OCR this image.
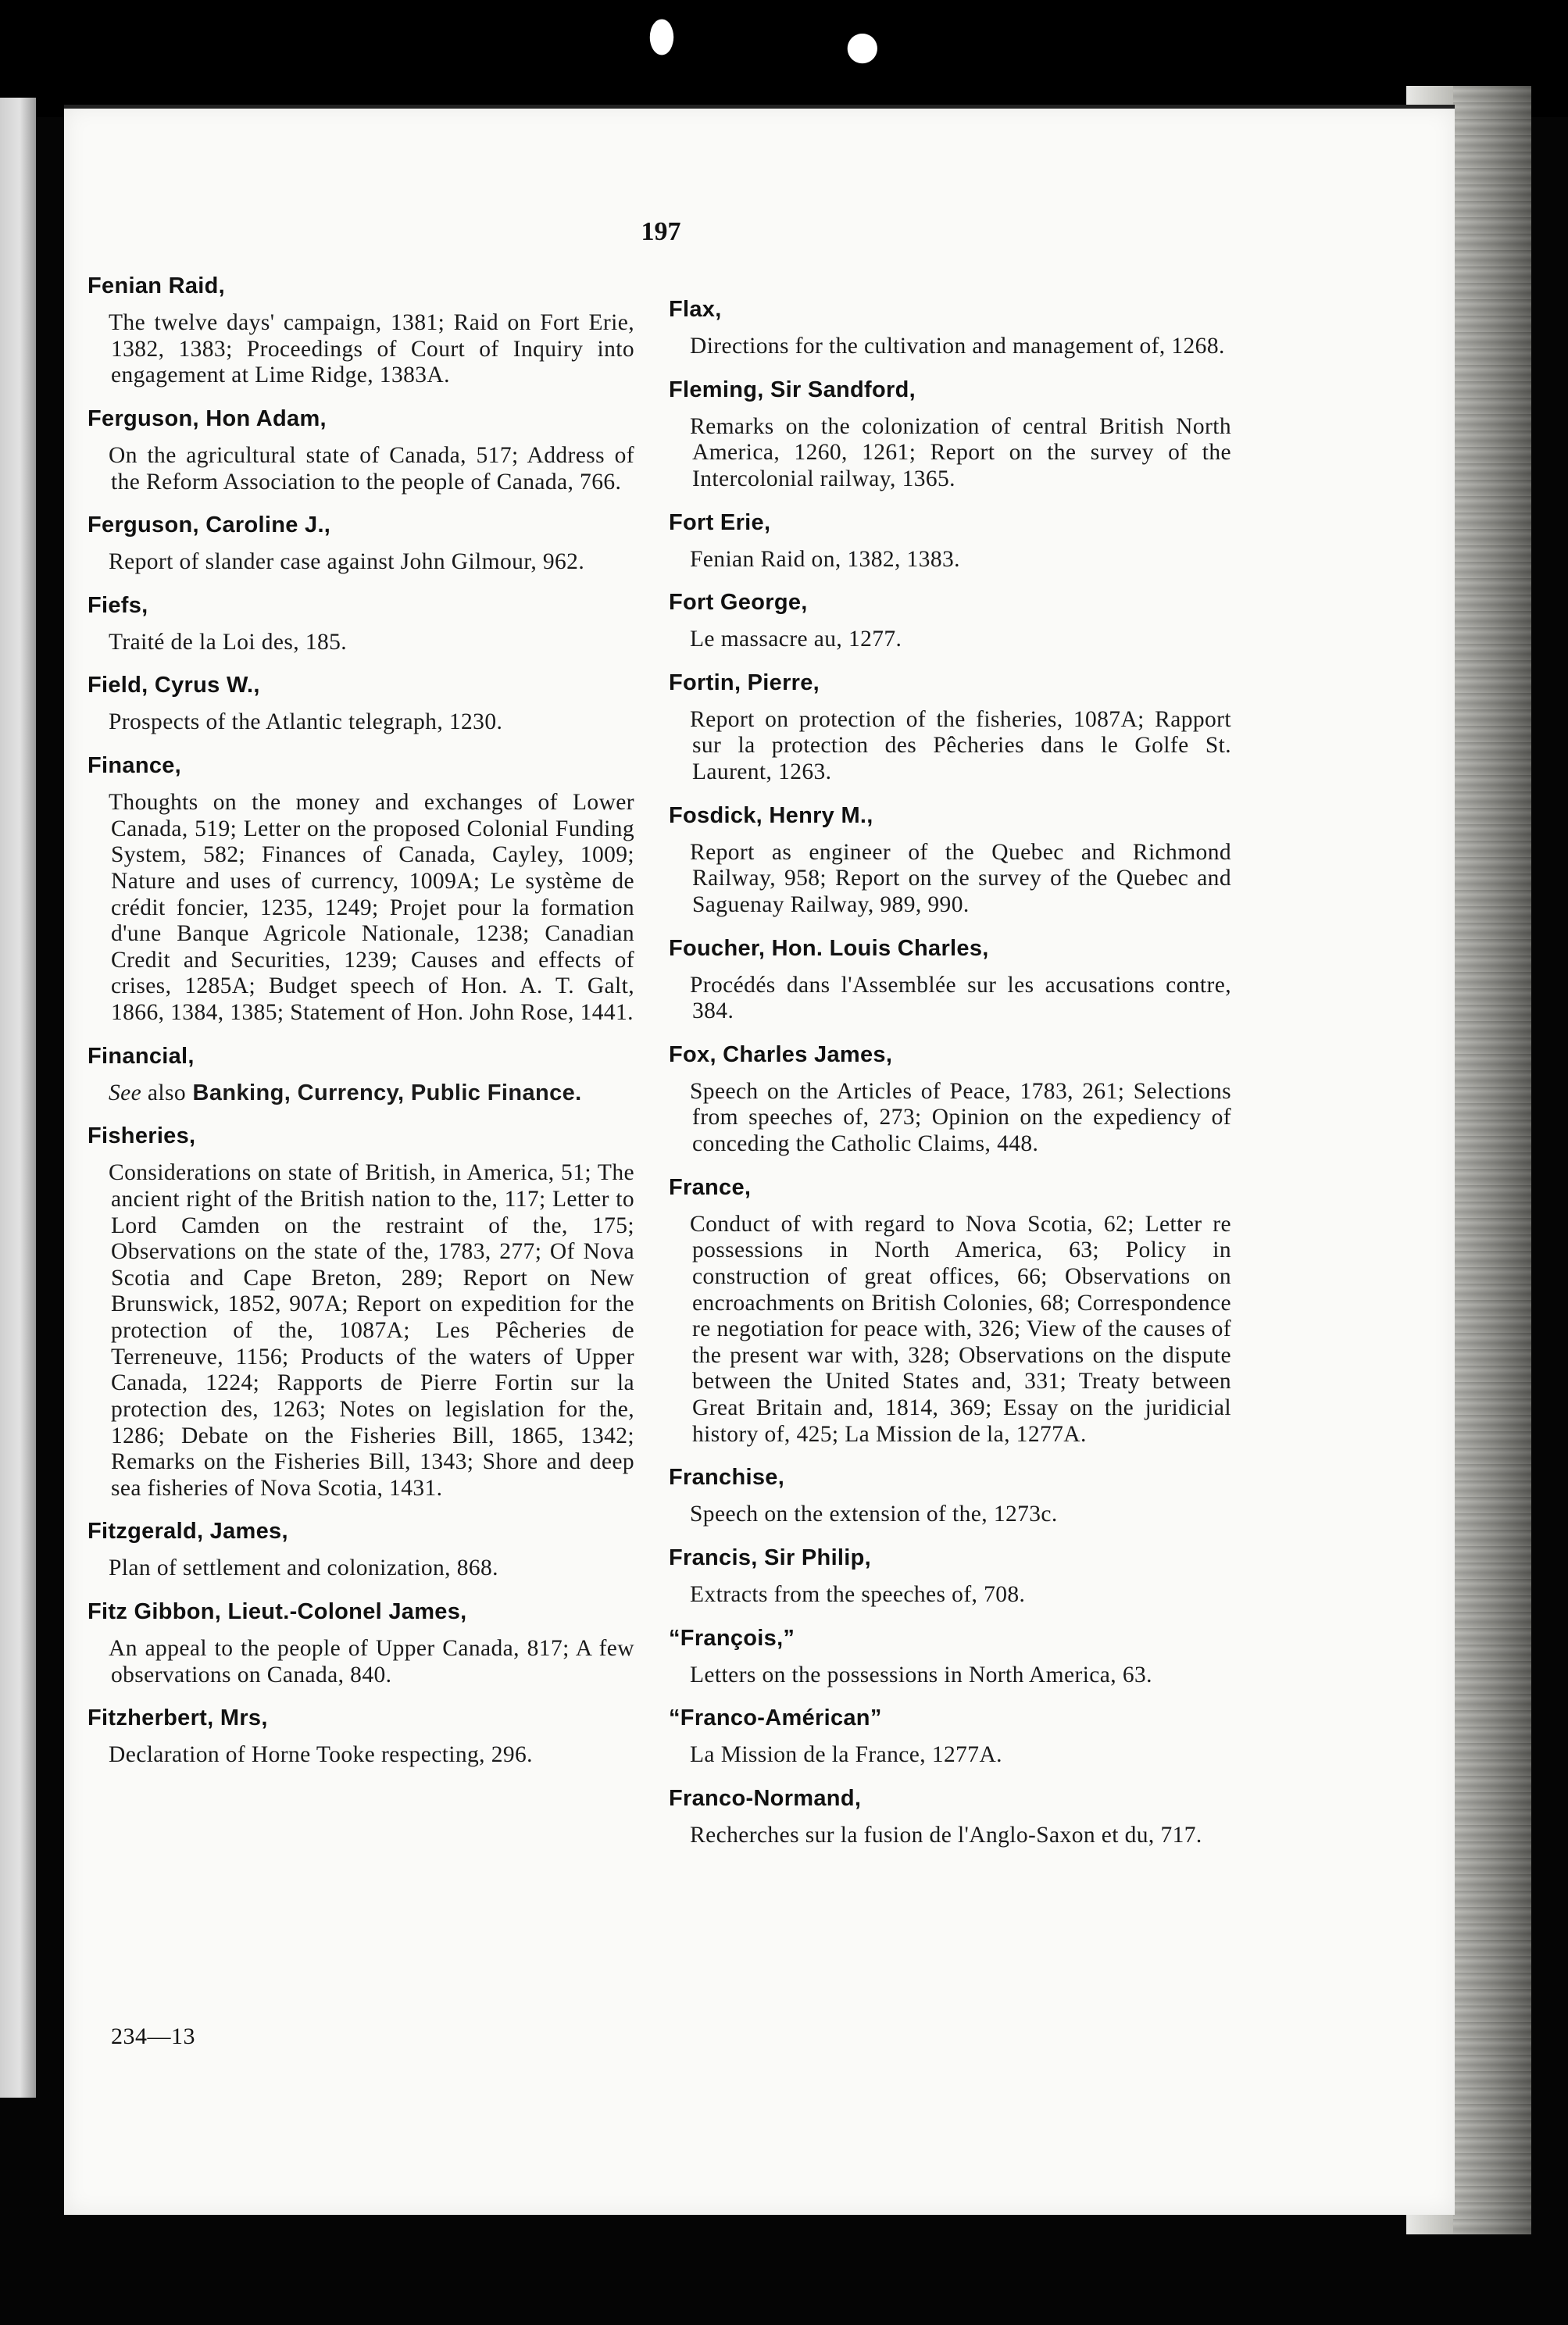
⬮	●
197
Fenian Raid,

The twelve days' campaign, 1381; Raid on Fort Erie, 1382, 1383; Proceedings of Court of Inquiry into engagement at Lime Ridge, 1383A.

Ferguson, Hon Adam,

On the agricultural state of Canada, 517; Address of the Reform Association to the people of Canada, 766.

Ferguson, Caroline J.,

Report of slander case against John Gilmour, 962.

Fiefs,

Traité de la Loi des, 185.

Field, Cyrus W.,

Prospects of the Atlantic telegraph, 1230.

Finance,

Thoughts on the money and exchanges of Lower Canada, 519; Letter on the proposed Colonial Funding System, 582; Finances of Canada, Cayley, 1009; Nature and uses of currency, 1009A; Le système de crédit foncier, 1235, 1249; Projet pour la formation d'une Banque Agricole Nationale, 1238; Canadian Credit and Securities, 1239; Causes and effects of crises, 1285A; Budget speech of Hon. A. T. Galt, 1866, 1384, 1385; Statement of Hon. John Rose, 1441.

Financial,

See also Banking, Currency, Public Finance.

Fisheries,

Considerations on state of British, in America, 51; The ancient right of the British nation to the, 117; Letter to Lord Camden on the restraint of the, 175; Observations on the state of the, 1783, 277; Of Nova Scotia and Cape Breton, 289; Report on New Brunswick, 1852, 907A; Report on expedition for the protection of the, 1087A; Les Pêcheries de Terreneuve, 1156; Products of the waters of Upper Canada, 1224; Rapports de Pierre Fortin sur la protection des, 1263; Notes on legislation for the, 1286; Debate on the Fisheries Bill, 1865, 1342; Remarks on the Fisheries Bill, 1343; Shore and deep sea fisheries of Nova Scotia, 1431.

Fitzgerald, James,

Plan of settlement and colonization, 868.

Fitz Gibbon, Lieut.-Colonel James,

An appeal to the people of Upper Canada, 817; A few observations on Canada, 840.

Fitzherbert, Mrs,

Declaration of Horne Tooke respecting, 296.

Flax,

Directions for the cultivation and management of, 1268.

Fleming, Sir Sandford,

Remarks on the colonization of central British North America, 1260, 1261; Report on the survey of the Intercolonial railway, 1365.

Fort Erie,

Fenian Raid on, 1382, 1383.

Fort George,

Le massacre au, 1277.

Fortin, Pierre,

Report on protection of the fisheries, 1087A; Rapport sur la protection des Pêcheries dans le Golfe St. Laurent, 1263.

Fosdick, Henry M.,

Report as engineer of the Quebec and Richmond Railway, 958; Report on the survey of the Quebec and Saguenay Railway, 989, 990.

Foucher, Hon. Louis Charles,

Procédés dans l'Assemblée sur les accusations contre, 384.

Fox, Charles James,

Speech on the Articles of Peace, 1783, 261; Selections from speeches of, 273; Opinion on the expediency of conceding the Catholic Claims, 448.

France,

Conduct of with regard to Nova Scotia, 62; Letter re possessions in North America, 63; Policy in construction of great offices, 66; Observations on encroachments on British Colonies, 68; Correspondence re negotiation for peace with, 326; View of the causes of the present war with, 328; Observations on the dispute between the United States and, 331; Treaty between Great Britain and, 1814, 369; Essay on the juridicial history of, 425; La Mission de la, 1277A.

Franchise,

Speech on the extension of the, 1273c.

Francis, Sir Philip,

Extracts from the speeches of, 708.

“François,”

Letters on the possessions in North America, 63.

“Franco-Américan”

La Mission de la France, 1277A.

Franco-Normand,

Recherches sur la fusion de l'Anglo-Saxon et du, 717.

234—13
